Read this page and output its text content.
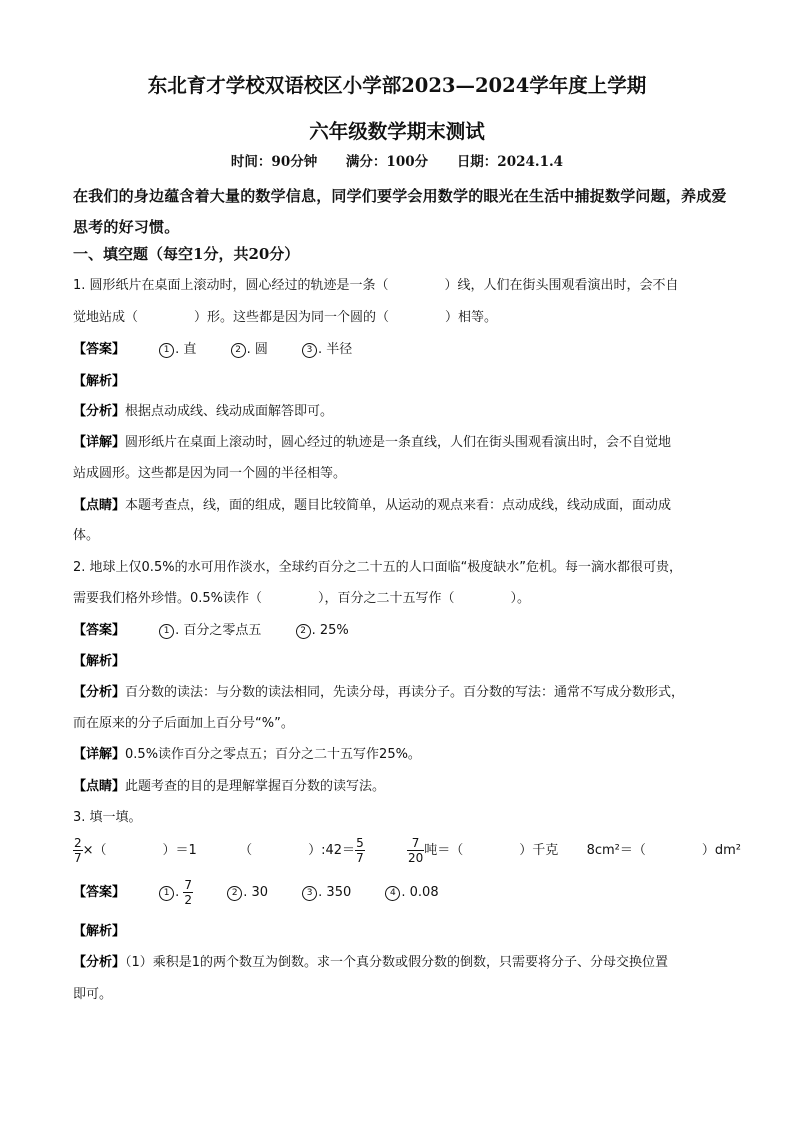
东北育才学校双语校区小学部2023—2024学年度上学期
六年级数学期末测试
时间：90分钟 满分：100分 日期：2024.1.4
在我们的身边蕴含着大量的数学信息，同学们要学会用数学的眼光在生活中捕捉数学问题，养成爱思考的好习惯。
一、填空题（每空1分，共20分）
1. 圆形纸片在桌面上滚动时，圆心经过的轨迹是一条（	）线，人们在街头围观看演出时，会不自
觉地站成（	）形。这些都是因为同一个圆的（	）相等。
【答案】	1 . 直	2 . 圆	3 . 半径
【解析】
【分析】根据点动成线、线动成面解答即可。
【详解】圆形纸片在桌面上滚动时，圆心经过的轨迹是一条直线，人们在街头围观看演出时，会不自觉地
站成圆形。这些都是因为同一个圆的半径相等。
【点睛】本题考查点，线，面的组成，题目比较简单，从运动的观点来看：点动成线，线动成面，面动成
体。
2. 地球上仅0.5%的水可用作淡水，全球约百分之二十五的人口面临“极度缺水”危机。每一滴水都很可贵，
需要我们格外珍惜。0.5%读作（	），百分之二十五写作（	）。
【答案】	1 . 百分之零点五	2 . 25%
【解析】
【分析】百分数的读法：与分数的读法相同，先读分母，再读分子。百分数的写法：通常不写成分数形式，
而在原来的分子后面加上百分号“%”。
【详解】0.5%读作百分之零点五；百分之二十五写作25%。
【点睛】此题考查的目的是理解掌握百分数的读写法。
3. 填一填。
$\frac{2}{7}$ ×（	）＝1	（	）:42＝ $\frac{5}{7}$
	$\frac{7}{20}$ 吨＝（	）千克 8cm²＝（	）dm²
【答案】	1 . $\frac{7}{2}$	2 . 30	3 . 350	4 . 0.08
【解析】
【分析】（1）乘积是1的两个数互为倒数。求一个真分数或假分数的倒数，只需要将分子、分母交换位置
即可。
